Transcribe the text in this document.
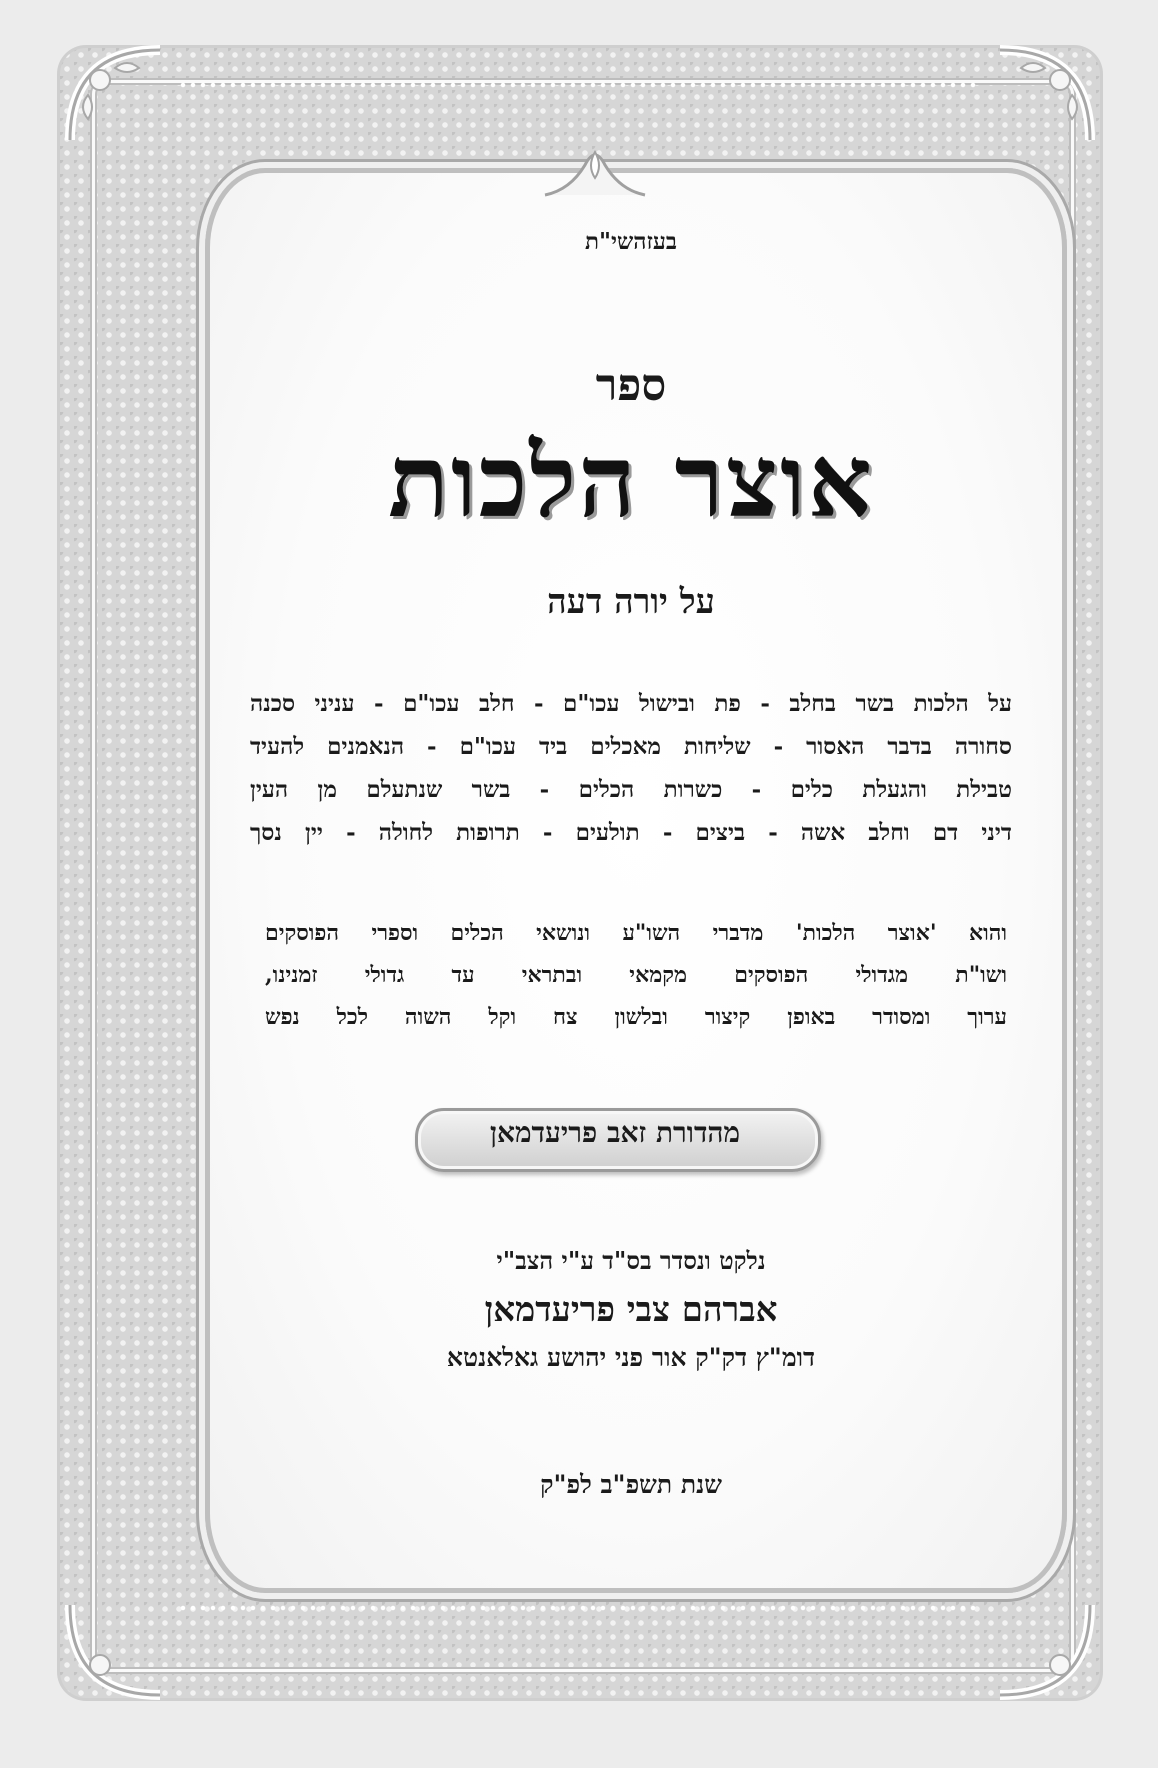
בעזהשי"ת
ספר
אוצר הלכות
על יורה דעה
על הלכות בשר בחלב - פת ובישול עכו"ם - חלב עכו"ם - עניני סכנה
סחורה בדבר האסור - שליחות מאכלים ביד עכו"ם - הנאמנים להעיד
טבילת והגעלת כלים - כשרות הכלים - בשר שנתעלם מן העין
דיני דם וחלב אשה - ביצים - תולעים - תרופות לחולה - יין נסך
והוא 'אוצר הלכות' מדברי השו"ע ונושאי הכלים וספרי הפוסקים
ושו"ת מגדולי הפוסקים מקמאי ובתראי עד גדולי זמנינו,
ערוך ומסודר באופן קיצור ובלשון צח וקל השוה לכל נפש
מהדורת זאב פריעדמאן
נלקט ונסדר בס"ד ע"י הצב"י
אברהם צבי פריעדמאן
דומ"ץ דק"ק אור פני יהושע גאלאנטא
שנת תשפ"ב לפ"ק
